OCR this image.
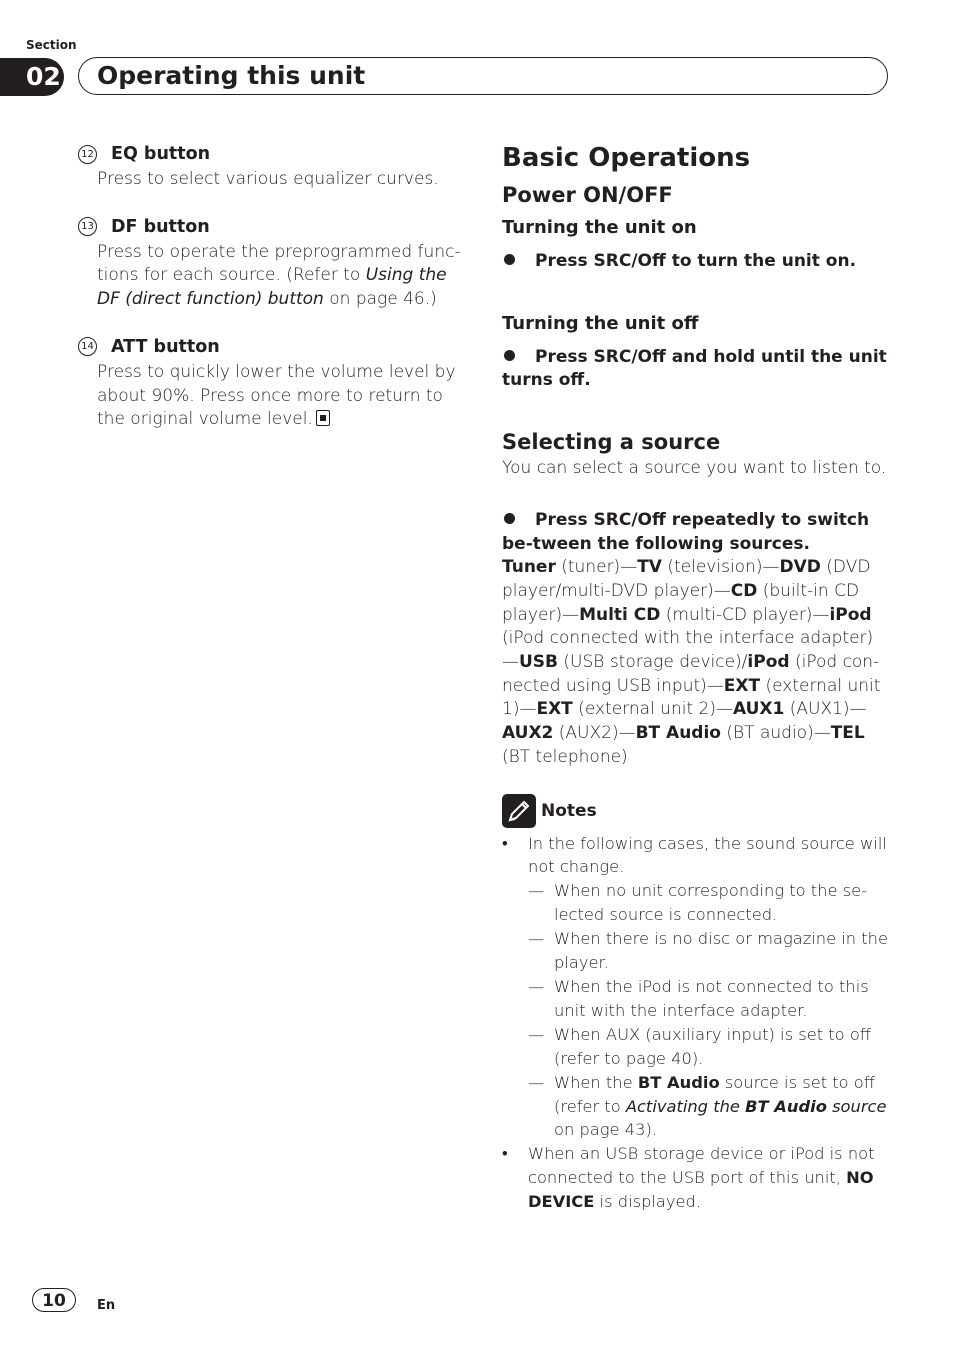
Section
02 Operating this unit
12 EQ button
Press to select various equalizer curves.
13 DF button
Press to operate the preprogrammed func-tions for each source. (Refer to Using the DF (direct function) button on page 46.)
14 ATT button
Press to quickly lower the volume level by about 90%. Press once more to return to the original volume level.
Basic Operations
Power ON/OFF
Turning the unit on
Press SRC/Off to turn the unit on.
Turning the unit off
Press SRC/Off and hold until the unit turns off.
Selecting a source
You can select a source you want to listen to.
Press SRC/Off repeatedly to switch be-tween the following sources.
Tuner (tuner)—TV (television)—DVD (DVD player/multi-DVD player)—CD (built-in CD player)—Multi CD (multi-CD player)—iPod (iPod connected with the interface adapter)—USB (USB storage device)/iPod (iPod con-nected using USB input)—EXT (external unit 1)—EXT (external unit 2)—AUX1 (AUX1)—AUX2 (AUX2)—BT Audio (BT audio)—TEL (BT telephone)
Notes
• In the following cases, the sound source will not change.
— When no unit corresponding to the se-lected source is connected.
— When there is no disc or magazine in the player.
— When the iPod is not connected to this unit with the interface adapter.
— When AUX (auxiliary input) is set to off (refer to page 40).
— When the BT Audio source is set to off (refer to Activating the BT Audio source on page 43).
• When an USB storage device or iPod is not connected to the USB port of this unit, NO DEVICE is displayed.
10	En
